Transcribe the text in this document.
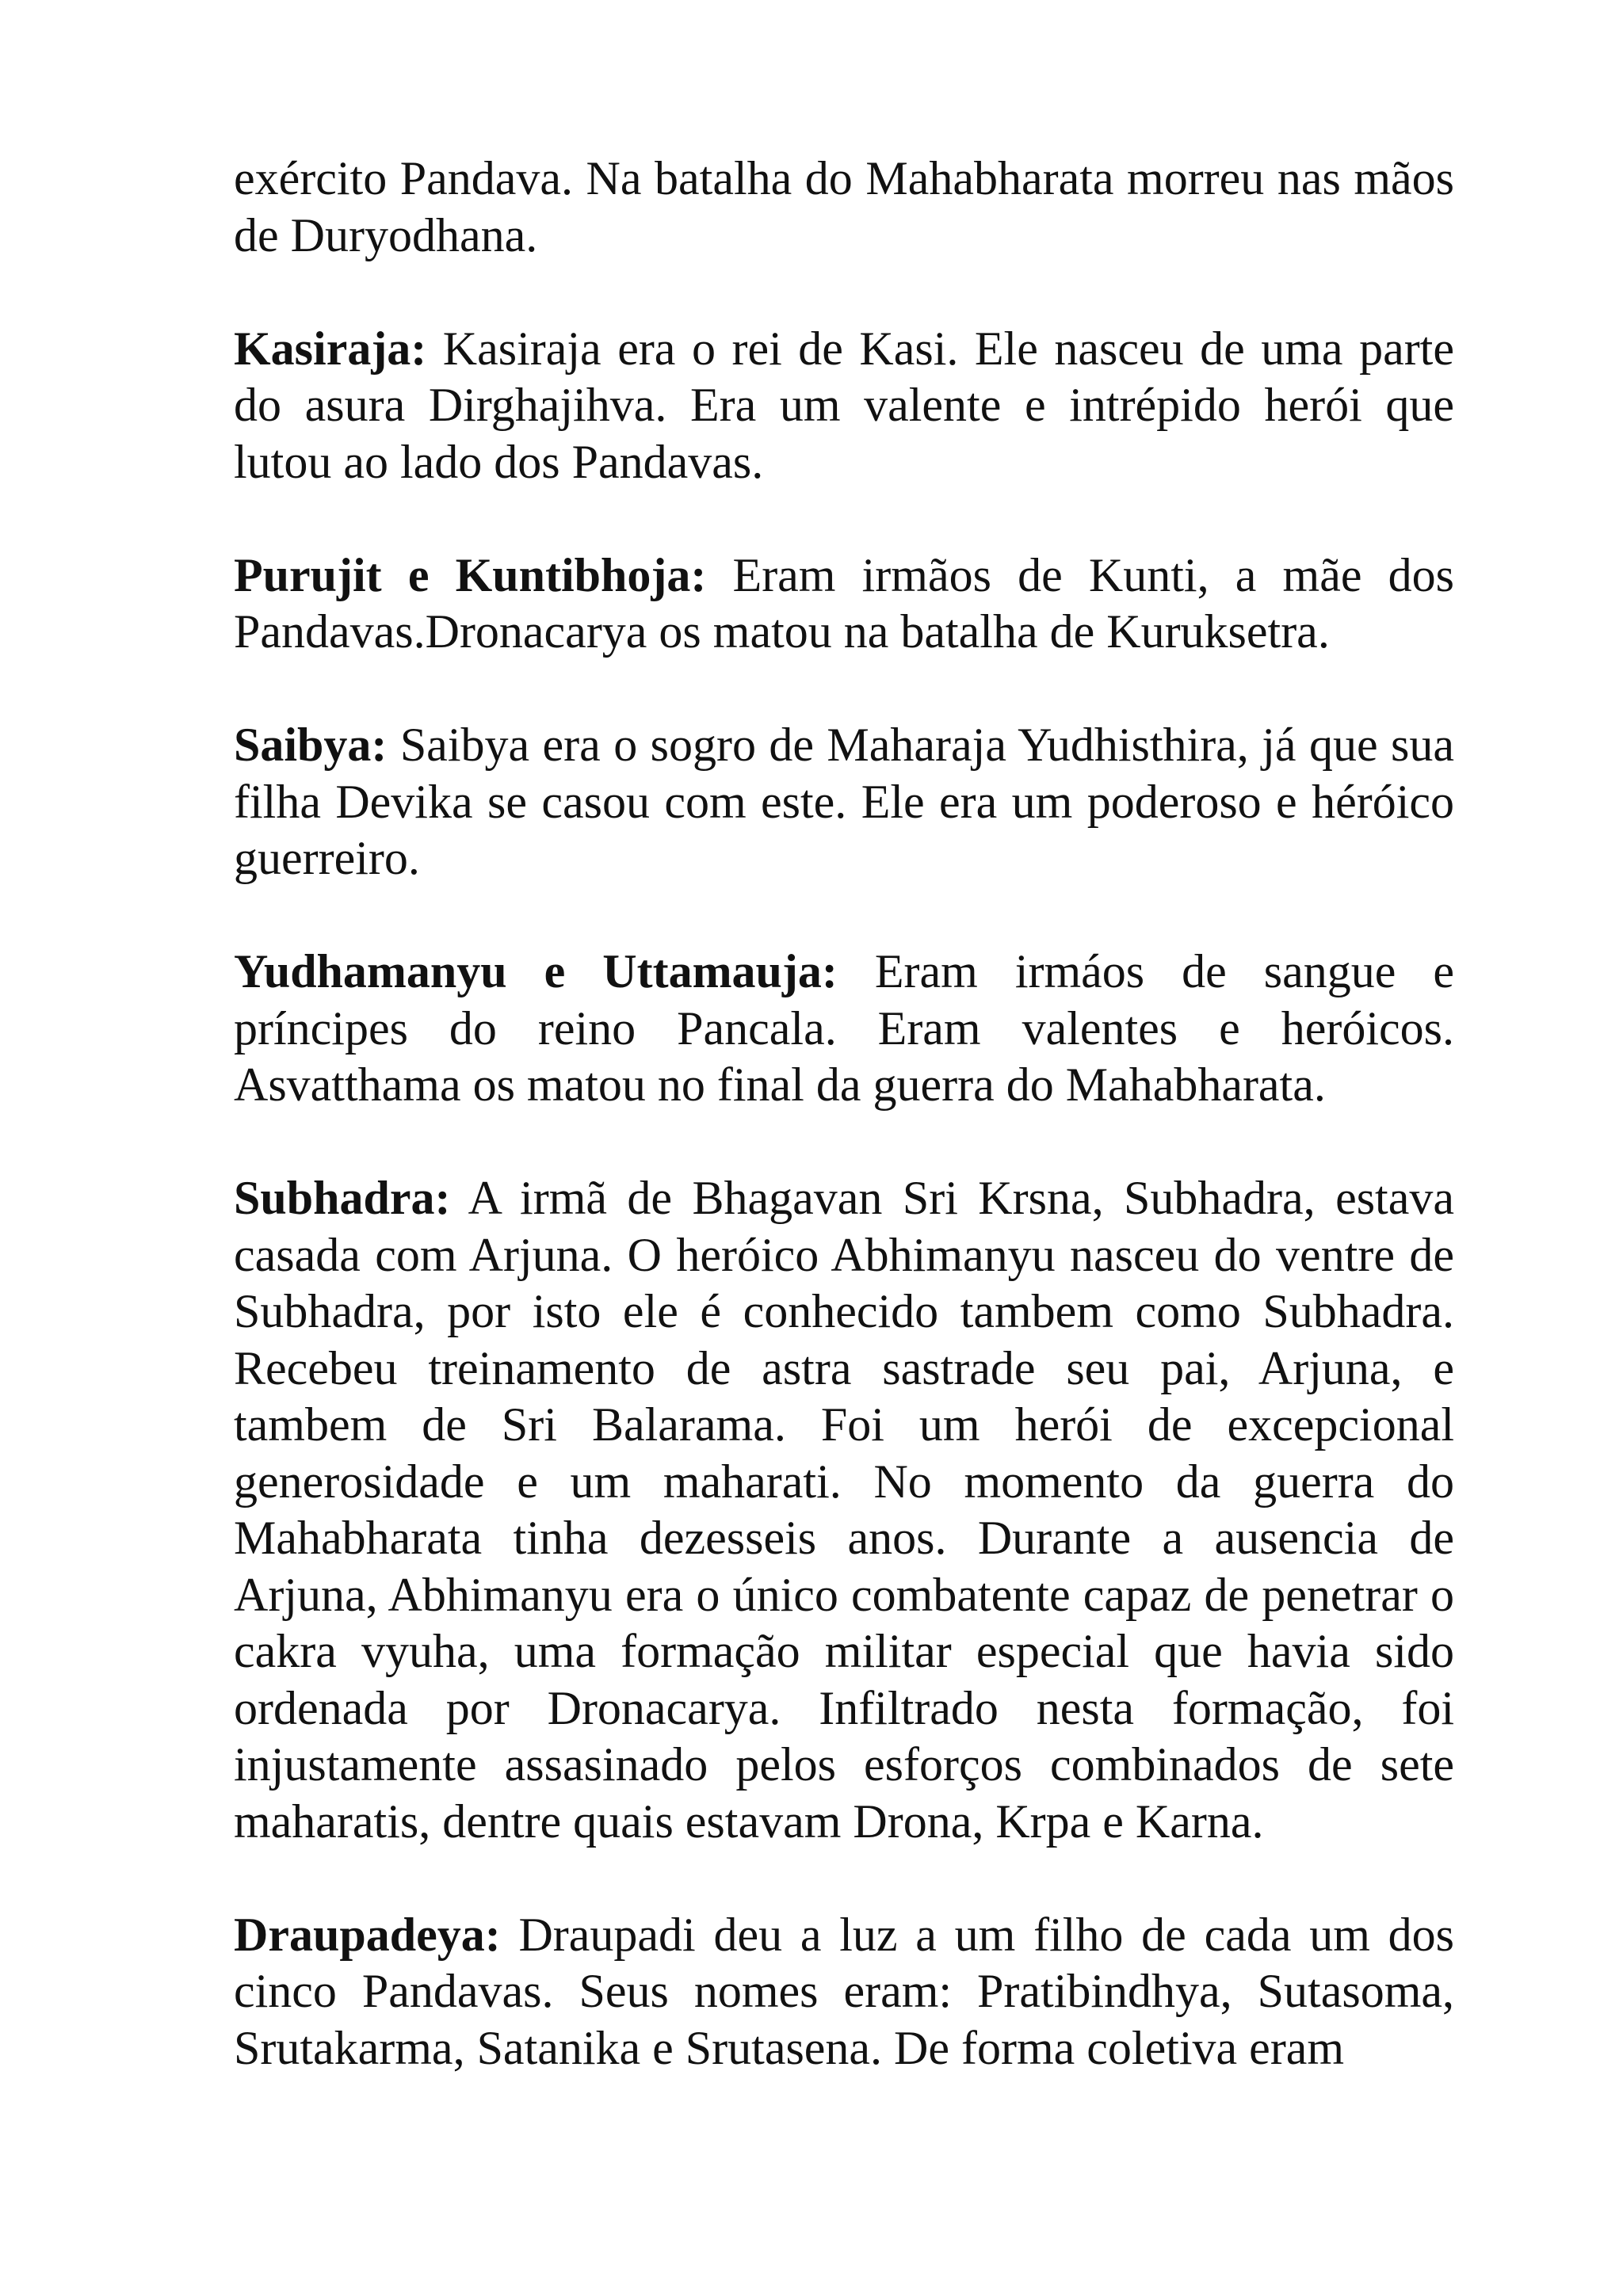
exército Pandava. Na batalha do Mahabharata morreu nas mãos de Duryodhana.

Kasiraja: Kasiraja era o rei de Kasi. Ele nasceu de uma parte do asura Dirghajihva. Era um valente e intrépido herói que lutou ao lado dos Pandavas.

Purujit e Kuntibhoja: Eram irmãos de Kunti, a mãe dos Pandavas.Dronacarya os matou na batalha de Kuruksetra.

Saibya: Saibya era o sogro de Maharaja Yudhisthira, já que sua filha Devika se casou com este. Ele era um poderoso e héróico guerreiro.

Yudhamanyu e Uttamauja: Eram irmáos de sangue e príncipes do reino Pancala. Eram valentes e heróicos. Asvatthama os matou no final da guerra do Mahabharata.

Subhadra: A irmã de Bhagavan Sri Krsna, Subhadra, estava casada com Arjuna. O heróico Abhimanyu nasceu do ventre de Subhadra, por isto ele é conhecido tambem como Subhadra. Recebeu treinamento de astra sastrade seu pai, Arjuna, e tambem de Sri Balarama. Foi um herói de excepcional generosidade e um maharati. No momento da guerra do Mahabharata tinha dezesseis anos. Durante a ausencia de Arjuna, Abhimanyu era o único combatente capaz de penetrar o cakra vyuha, uma formação militar especial que havia sido ordenada por Dronacarya. Infiltrado nesta formação, foi injustamente assasinado pelos esforços combinados de sete maharatis, dentre quais estavam Drona, Krpa e Karna.

Draupadeya: Draupadi deu a luz a um filho de cada um dos cinco Pandavas. Seus nomes eram: Pratibindhya, Sutasoma, Srutakarma, Satanika e Srutasena. De forma coletiva eram
